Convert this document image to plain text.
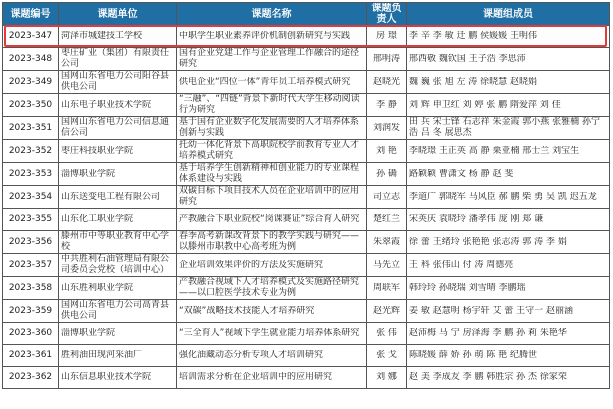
课题编号	课题单位	课题名称	课题负责人	课题组成员

2023-347	菏泽市城建技工学校	中职学生职业素养评价机制创新研究与实践	房 璟	李 辛 李 敏 迁 鹏 侯媛媛 王明伟

2023-348	枣庄矿业（集团）有限责任公司	国有企业党建工作与企业管理工作融合的途径研究	邢明涛	邢西敬 魏钦国 王子浩 李思沛

2023-349	国网山东省电力公司阳谷县供电公司	供电企业“四位一体”青年员工培养模式研究	赵晓光	魏 巍 张 旭 左 涛 徐晓慧 赵晓娟

2023-350	山东电子职业技术学院	“三融”、“四链”背景下新时代大学生移动阅读行为研究	李 静	刘 辉 申卫红 刘 婷 张 鹏 隋爱萍 刘 佳

2023-351	国网山东省电力公司信息通信公司	基于国有企业数字化发展需要的人才培养体系创新与实践	刘润发	田 兵 宋士锋 石志祥 朱金霞 郭小燕 张雅楠 孙宁浩 吕 冬 展思杰

2023-352	枣庄科技职业学院	托幼一体化背景下高职院校学前教育专业人才培养模式研究	刘 艳	李晓璟 王正英 高 静 栗亚楠 邢士兰 刘宝生

2023-353	淄博职业学院	基于培养学生创新精神和创业能力的专业课程体系建设与实践	孙 确	路颖颖 曹潇文 杨 静 赵 斐

2023-354	山东送变电工程有限公司	双碳目标下项目技术人员在企业培训中的应用研究	司立志	李道广 郭晓军 马风臣 郝 鹏 柴 勇 吴 凯 迟五龙

2023-355	山东化工职业学院	产教融合下职业院校“岗课赛证”综合育人研究	楚红兰	宋英庆 袁晓玲 潘孝伟 庞 刚 郑 谦

2023-356	滕州市中等职业教育中心学校	春季高考新课改背景下的教学实践与研究——以滕州市职教中心高考班为例	朱翠霞	徐 蕾 王绪玲 张艳艳 张志涛 郭 涛 李 娟

2023-357	中共胜利石油管理局有限公司委员会党校（培训中心）	企业培训效果评价的方法及实施研究	马先立	王 科 张伟山 付 涛 周德亮

2023-358	山东胜利职业学院	产教融合视域下人才培养模式及实施路径研究——以口腔医学技术专业为例	周联军	韩玲玲 孙晓瑞 刘雪晴 李鹏瑶

2023-359	国网山东省电力公司高青县供电公司	“双碳”战略技术技能人才培养研究	赵光辉	姜 敏 赵慧明 杨宇轩 艾 蕾 王守一 赵丽涵

2023-360	淄博职业学院	“三全育人”视域下学生就业能力培养体系研究	张 伟	赵沛梅 马 宁 房泽海 李 鹏 孙 莉 朱艳华

2023-361	胜利油田现河采油厂	强化油藏动态分析专项人才培训研究	张 戈	陈晓媛 薛 娇 孙 萌 陈 艳 纪腾世

2023-362	山东信息职业技术学院	培训需求分析在企业培训中的应用研究	刘 娜	赵 美 李成友 李 鹏 韩胜宗 孙 杰 徐家荣
